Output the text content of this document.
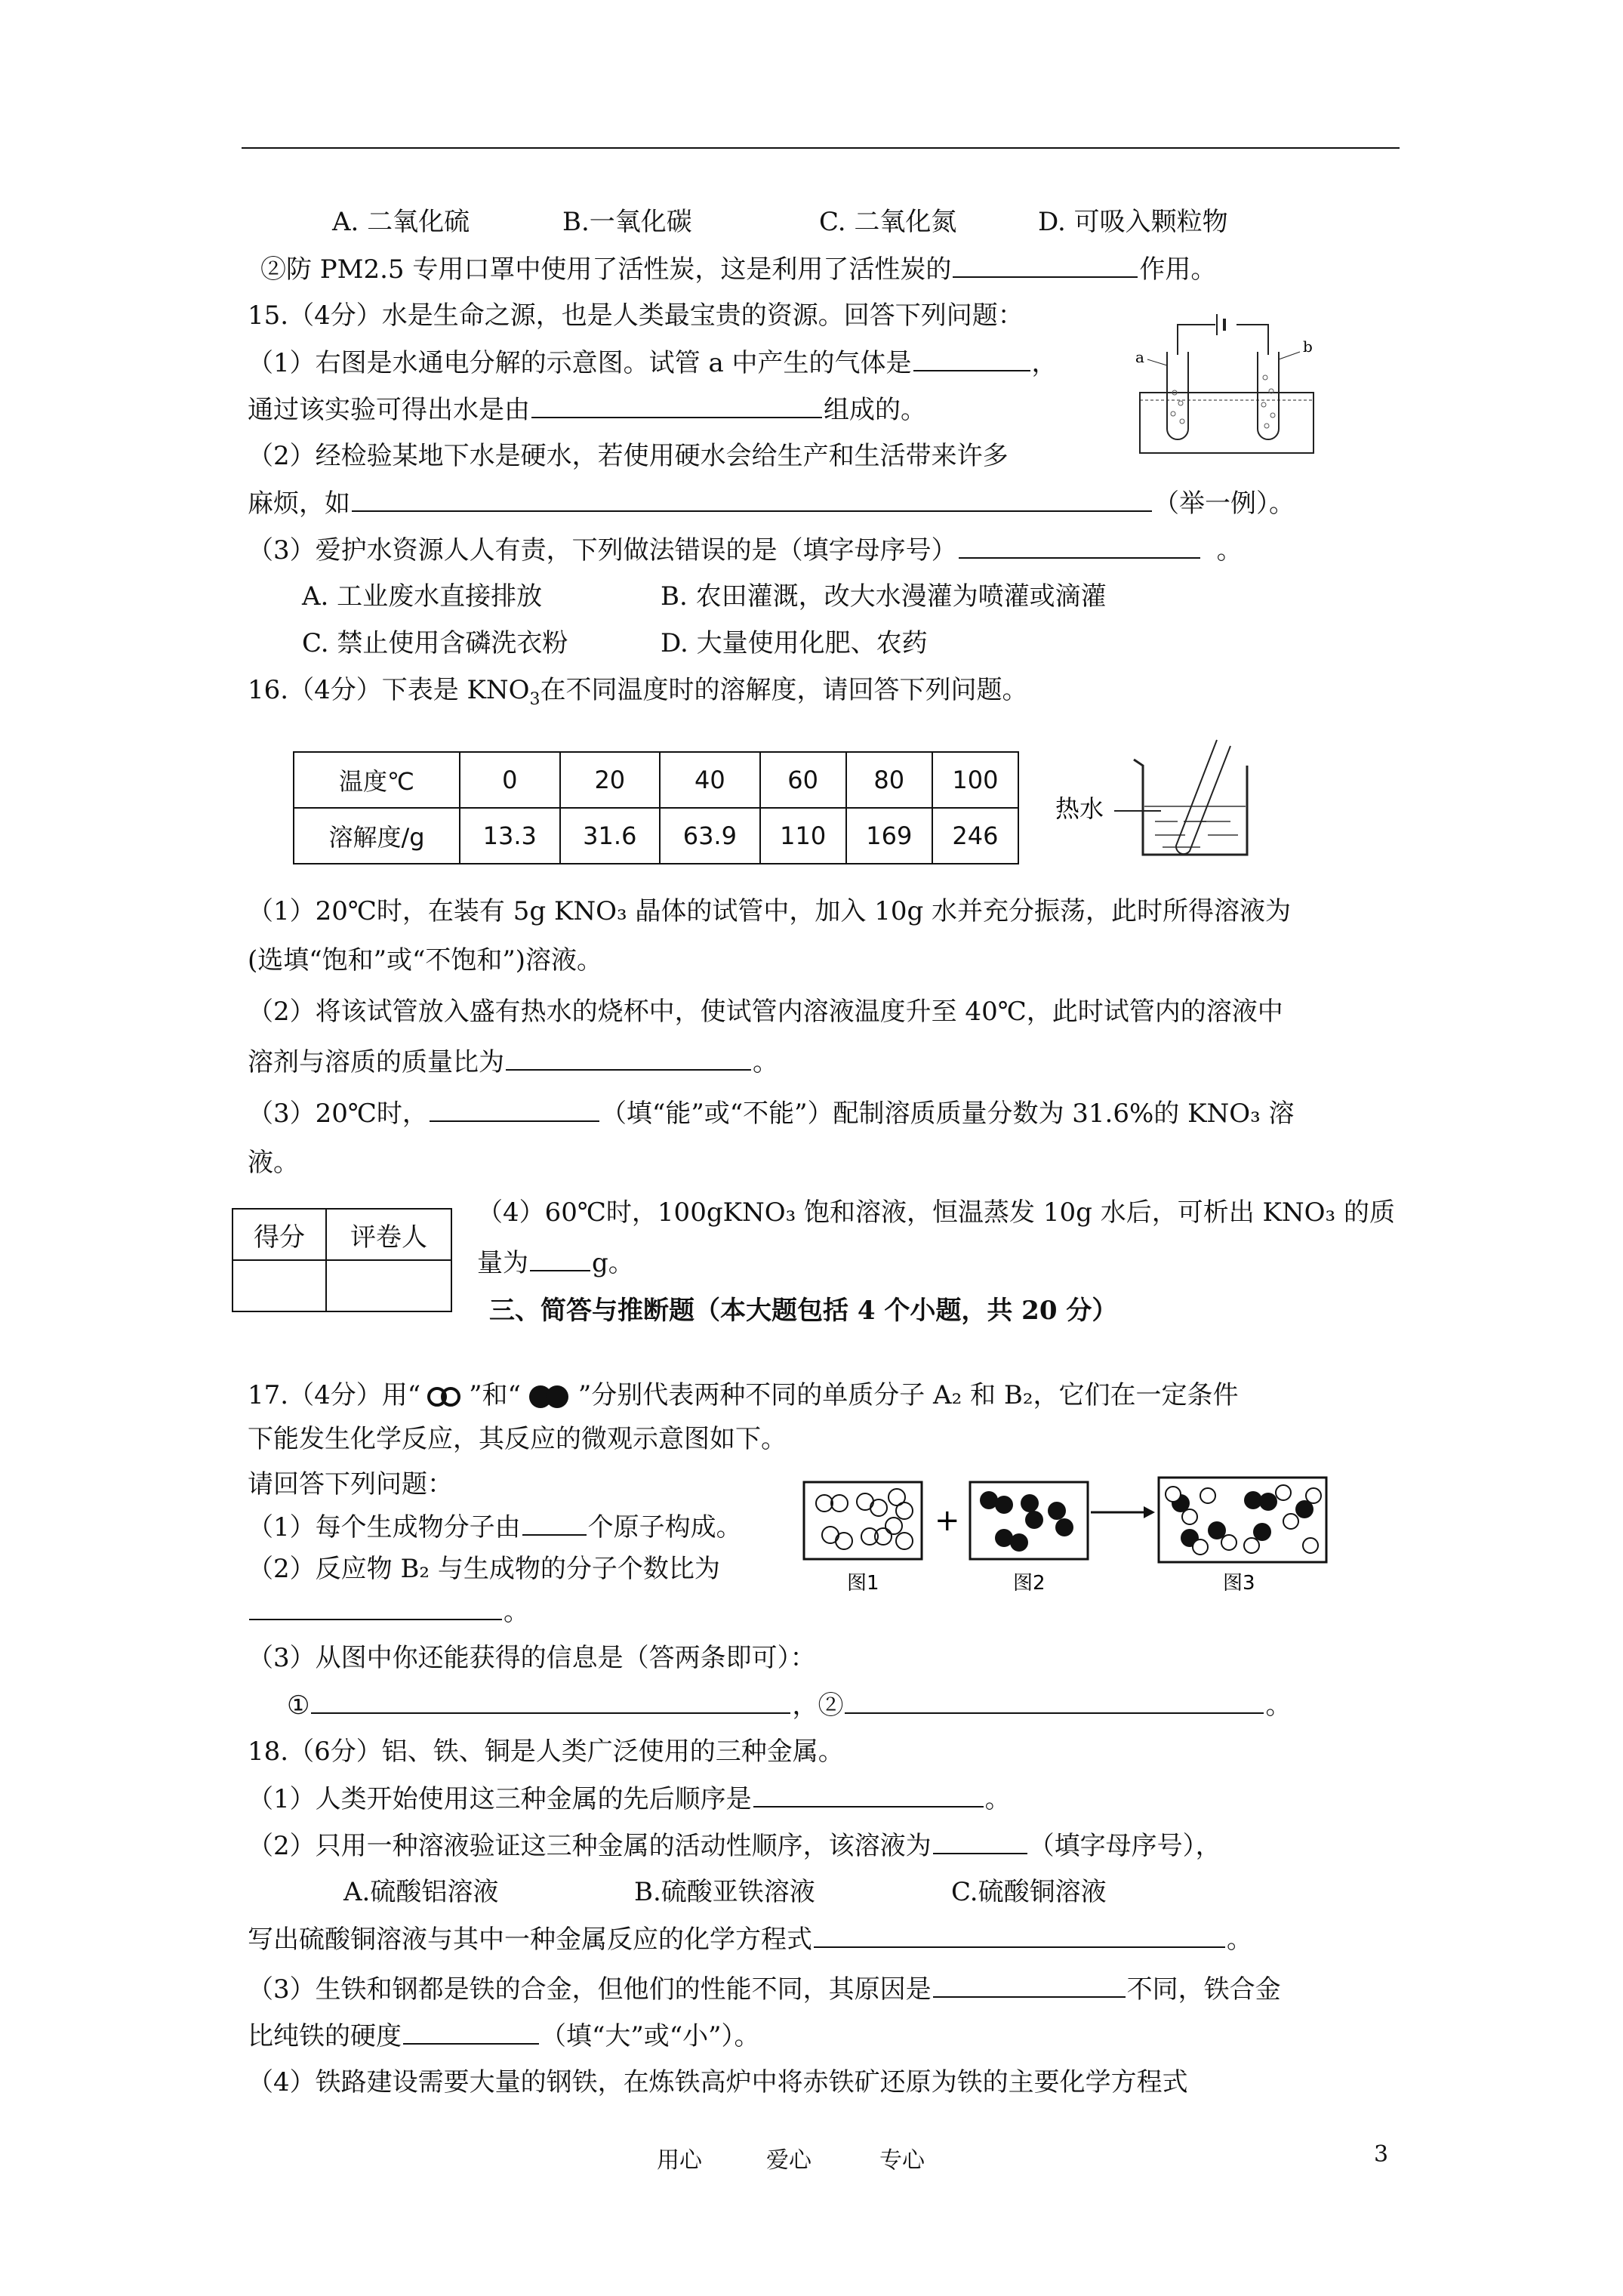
A. 二氧化硫	B.一氧化碳	C. 二氧化氮	D. 可吸入颗粒物
②防 PM2.5 专用口罩中使用了活性炭，这是利用了活性炭的	作用。
15.（4分）水是生命之源，也是人类最宝贵的资源。回答下列问题：
（1）右图是水通电分解的示意图。试管 a 中产生的气体是	，
通过该实验可得出水是由	组成的。
（2）经检验某地下水是硬水，若使用硬水会给生产和生活带来许多
麻烦，如	（举一例）。
（3）爱护水资源人人有责，下列做法错误的是（填字母序号）	。
A. 工业废水直接排放	B. 农田灌溉，改大水漫灌为喷灌或滴灌
C. 禁止使用含磷洗衣粉	D. 大量使用化肥、农药
a
b
16.（4分）下表是 $KNO_3$在不同温度时的溶解度，请回答下列问题。
温度℃	0	20	40	60	80	100
溶解度/g	13.3	31.6	63.9	110	169	246
热水
（1）20℃时，在装有 5g KNO₃ 晶体的试管中，加入 10g 水并充分振荡，此时所得溶液为
(选填“饱和”或“不饱和”)溶液。
（2）将该试管放入盛有热水的烧杯中，使试管内溶液温度升至 40℃，此时试管内的溶液中
溶剂与溶质的质量比为	。
（3）20℃时，	（填“能”或“不能”）配制溶质质量分数为 31.6%的 KNO₃ 溶
液。
得分	评卷人

（4）60℃时，100gKNO₃ 饱和溶液，恒温蒸发 10g 水后，可析出 KNO₃ 的质
量为 g。
三、简答与推断题（本大题包括 4 个小题，共 20 分）
17.（4分）用“ ”和“ ”分别代表两种不同的单质分子 A₂ 和 B₂，它们在一定条件
下能发生化学反应，其反应的微观示意图如下。
请回答下列问题：
（1）每个生成物分子由	个原子构成。
（2）反应物 B₂ 与生成物的分子个数比为
。
+
图1	图2	图3
（3）从图中你还能获得的信息是（答两条即可）：
①	，②	。
18.（6分）铝、铁、铜是人类广泛使用的三种金属。
（1）人类开始使用这三种金属的先后顺序是	。
（2）只用一种溶液验证这三种金属的活动性顺序，该溶液为	（填字母序号），
A.硫酸铝溶液	B.硫酸亚铁溶液	C.硫酸铜溶液
写出硫酸铜溶液与其中一种金属反应的化学方程式	。
（3）生铁和钢都是铁的合金，但他们的性能不同，其原因是	不同，铁合金
比纯铁的硬度	（填“大”或“小”）。
（4）铁路建设需要大量的钢铁，在炼铁高炉中将赤铁矿还原为铁的主要化学方程式
用心	爱心	专心	3
